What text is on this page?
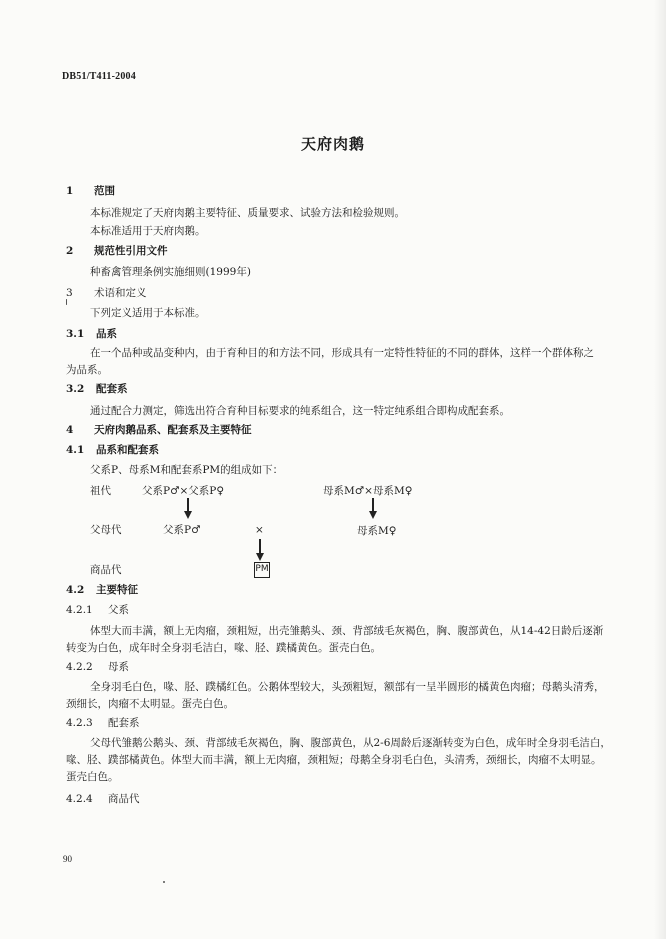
DB51/T411-2004
天府肉鹅
1 范围
本标准规定了天府肉鹅主要特征、质量要求、试验方法和检验规则。
本标准适用于天府肉鹅。
2 规范性引用文件
种畜禽管理条例实施细则(1999年)
3 术语和定义
下列定义适用于本标准。
3.1 品系
在一个品种或品变种内，由于育种目的和方法不同，形成具有一定特性特征的不同的群体，这样一个群体称之为品系。
3.2 配套系
通过配合力测定，筛选出符合育种目标要求的纯系组合，这一特定纯系组合即构成配套系。
4 天府肉鹅品系、配套系及主要特征
4.1 品系和配套系
父系P、母系M和配套系PM的组成如下：
祖代	父系P♂×父系P♀	母系M♂×母系M♀
父母代	父系P♂	×	母系M♀
商品代	PM
4.2 主要特征
4.2.1 父系
体型大而丰满，额上无肉瘤，颈粗短，出壳雏鹅头、颈、背部绒毛灰褐色，胸、腹部黄色，从14-42日龄后逐渐转变为白色，成年时全身羽毛洁白，喙、胫、蹼橘黄色。蛋壳白色。
4.2.2 母系
全身羽毛白色，喙、胫、蹼橘红色。公鹅体型较大，头颈粗短，额部有一呈半圆形的橘黄色肉瘤；母鹅头清秀，颈细长，肉瘤不太明显。蛋壳白色。
4.2.3 配套系
父母代雏鹅公鹅头、颈、背部绒毛灰褐色，胸、腹部黄色，从2-6周龄后逐渐转变为白色，成年时全身羽毛洁白，喙、胫、蹼部橘黄色。体型大而丰满，额上无肉瘤，颈粗短；母鹅全身羽毛白色，头清秀，颈细长，肉瘤不太明显。蛋壳白色。
4.2.4 商品代
90
